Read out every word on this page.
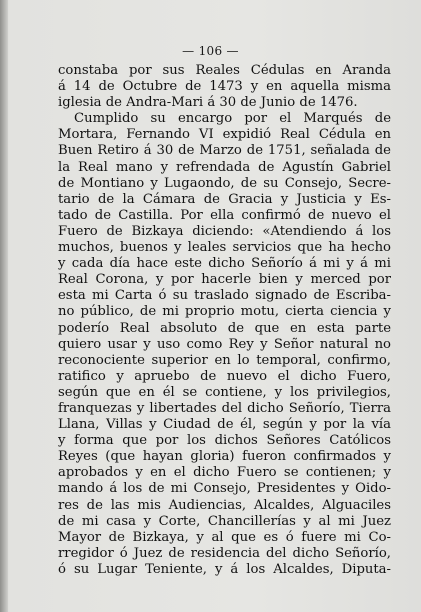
— 106 —
constaba por sus Reales Cédulas en Aranda
á 14 de Octubre de 1473 y en aquella misma
iglesia de Andra-Mari á 30 de Junio de 1476.
Cumplido su encargo por el Marqués de
Mortara, Fernando VI expidió Real Cédula en
Buen Retiro á 30 de Marzo de 1751, señalada de
la Real mano y refrendada de Agustín Gabriel
de Montiano y Lugaondo, de su Consejo, Secre-
tario de la Cámara de Gracia y Justicia y Es-
tado de Castilla. Por ella confirmó de nuevo el
Fuero de Bizkaya diciendo: «Atendiendo á los
muchos, buenos y leales servicios que ha hecho
y cada día hace este dicho Señorío á mi y á mi
Real Corona, y por hacerle bien y merced por
esta mi Carta ó su traslado signado de Escriba-
no público, de mi proprio motu, cierta ciencia y
poderío Real absoluto de que en esta parte
quiero usar y uso como Rey y Señor natural no
reconociente superior en lo temporal, confirmo,
ratifico y apruebo de nuevo el dicho Fuero,
según que en él se contiene, y los privilegios,
franquezas y libertades del dicho Señorío, Tierra
Llana, Villas y Ciudad de él, según y por la vía
y forma que por los dichos Señores Católicos
Reyes (que hayan gloria) fueron confirmados y
aprobados y en el dicho Fuero se contienen; y
mando á los de mi Consejo, Presidentes y Oido-
res de las mis Audiencias, Alcaldes, Alguaciles
de mi casa y Corte, Chancillerías y al mi Juez
Mayor de Bizkaya, y al que es ó fuere mi Co-
rregidor ó Juez de residencia del dicho Señorío,
ó su Lugar Teniente, y á los Alcaldes, Diputa-
